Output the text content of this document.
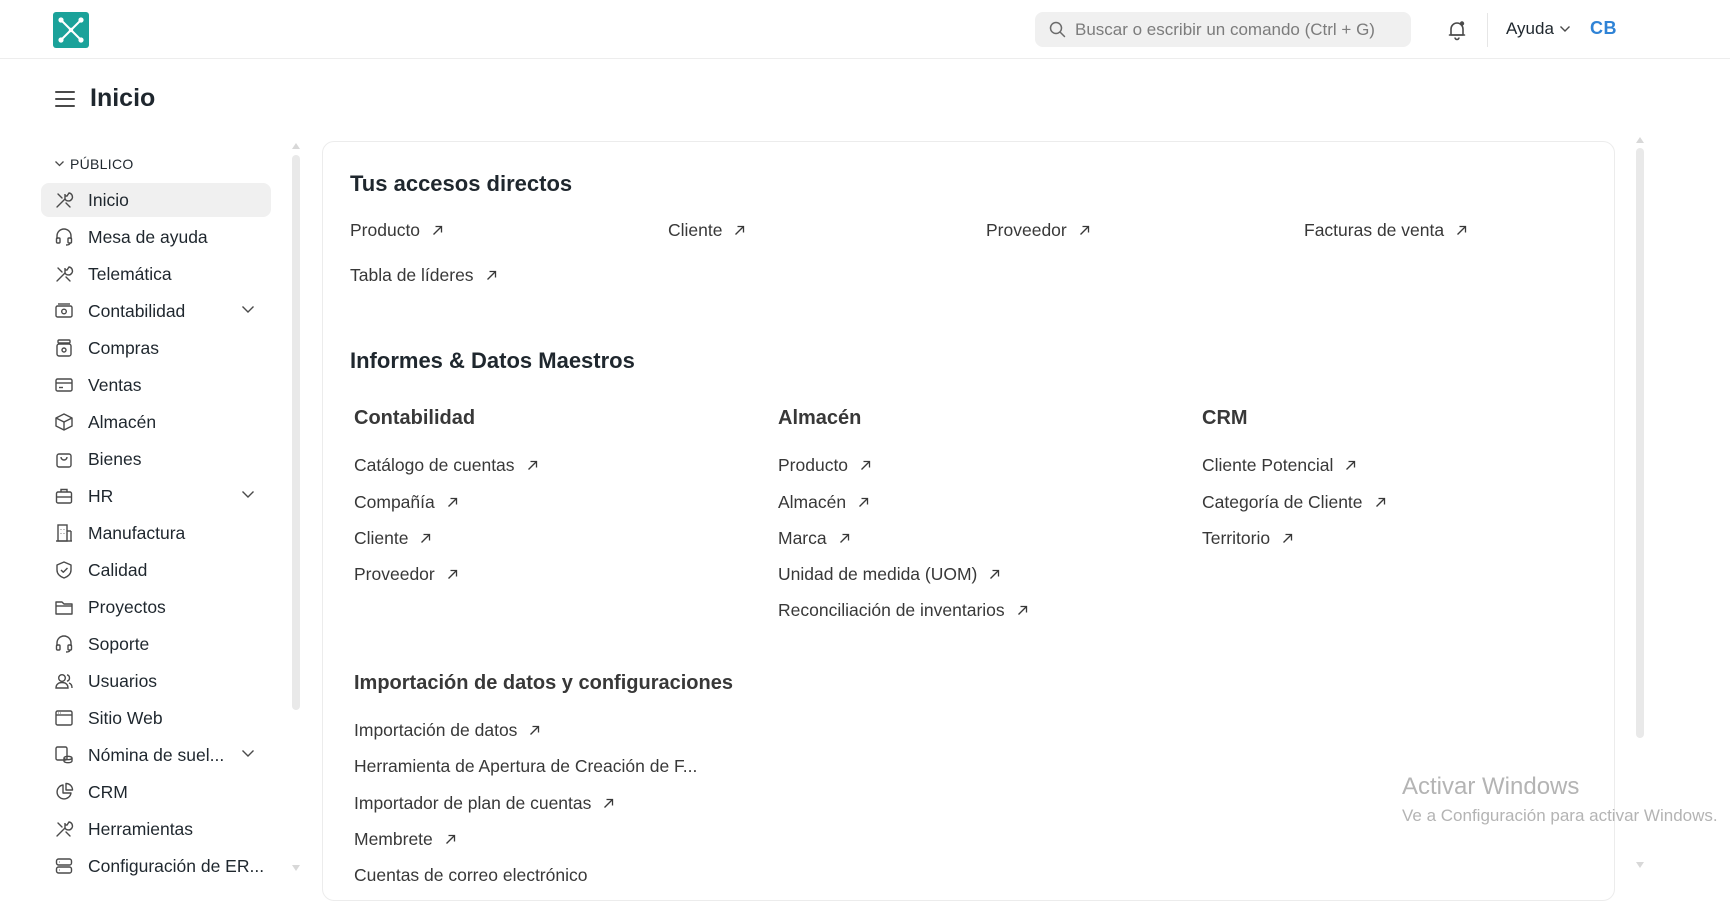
Buscar o escribir un comando (Ctrl + G)	Ayuda CB
Inicio
PÚBLICO
Inicio
Mesa de ayuda
Telemática
Contabilidad
Compras
Ventas
Almacén
Bienes
HR
Manufactura
Calidad
Proyectos
Soporte
Usuarios
Sitio Web
Nómina de suel...
CRM
Herramientas
Configuración de ER...
Tus accesos directos
Producto	Cliente	Proveedor	Facturas de venta
Tabla de líderes
Informes & Datos Maestros
Contabilidad
Catálogo de cuentas
Compañía
Cliente
Proveedor
Almacén
Producto
Almacén
Marca
Unidad de medida (UOM)
Reconciliación de inventarios
CRM
Cliente Potencial
Categoría de Cliente
Territorio
Importación de datos y configuraciones
Importación de datos
Herramienta de Apertura de Creación de F...
Importador de plan de cuentas
Membrete
Cuentas de correo electrónico
Activar Windows
Ve a Configuración para activar Windows.
